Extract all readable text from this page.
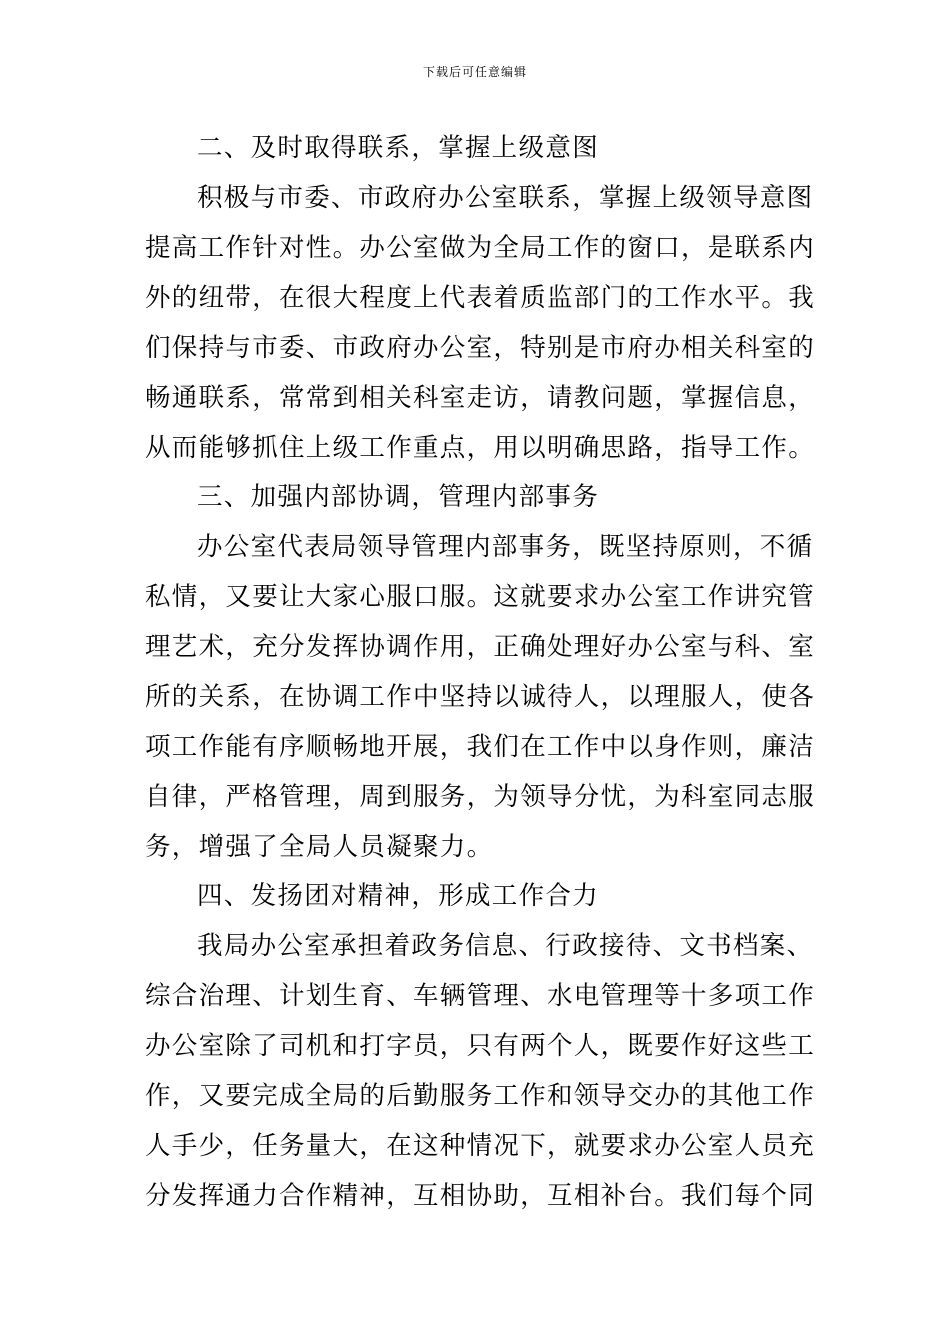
下载后可任意编辑
二、及时取得联系，掌握上级意图
积极与市委、市政府办公室联系，掌握上级领导意图
提高工作针对性。办公室做为全局工作的窗口，是联系内
外的纽带，在很大程度上代表着质监部门的工作水平。我
们保持与市委、市政府办公室，特别是市府办相关科室的
畅通联系，常常到相关科室走访，请教问题，掌握信息，
从而能够抓住上级工作重点，用以明确思路，指导工作。
三、加强内部协调，管理内部事务
办公室代表局领导管理内部事务，既坚持原则，不循
私情，又要让大家心服口服。这就要求办公室工作讲究管
理艺术，充分发挥协调作用，正确处理好办公室与科、室
所的关系，在协调工作中坚持以诚待人，以理服人，使各
项工作能有序顺畅地开展，我们在工作中以身作则，廉洁
自律，严格管理，周到服务，为领导分忧，为科室同志服
务，增强了全局人员凝聚力。
四、发扬团对精神，形成工作合力
我局办公室承担着政务信息、行政接待、文书档案、
综合治理、计划生育、车辆管理、水电管理等十多项工作
办公室除了司机和打字员，只有两个人，既要作好这些工
作，又要完成全局的后勤服务工作和领导交办的其他工作
人手少，任务量大，在这种情况下，就要求办公室人员充
分发挥通力合作精神，互相协助，互相补台。我们每个同
